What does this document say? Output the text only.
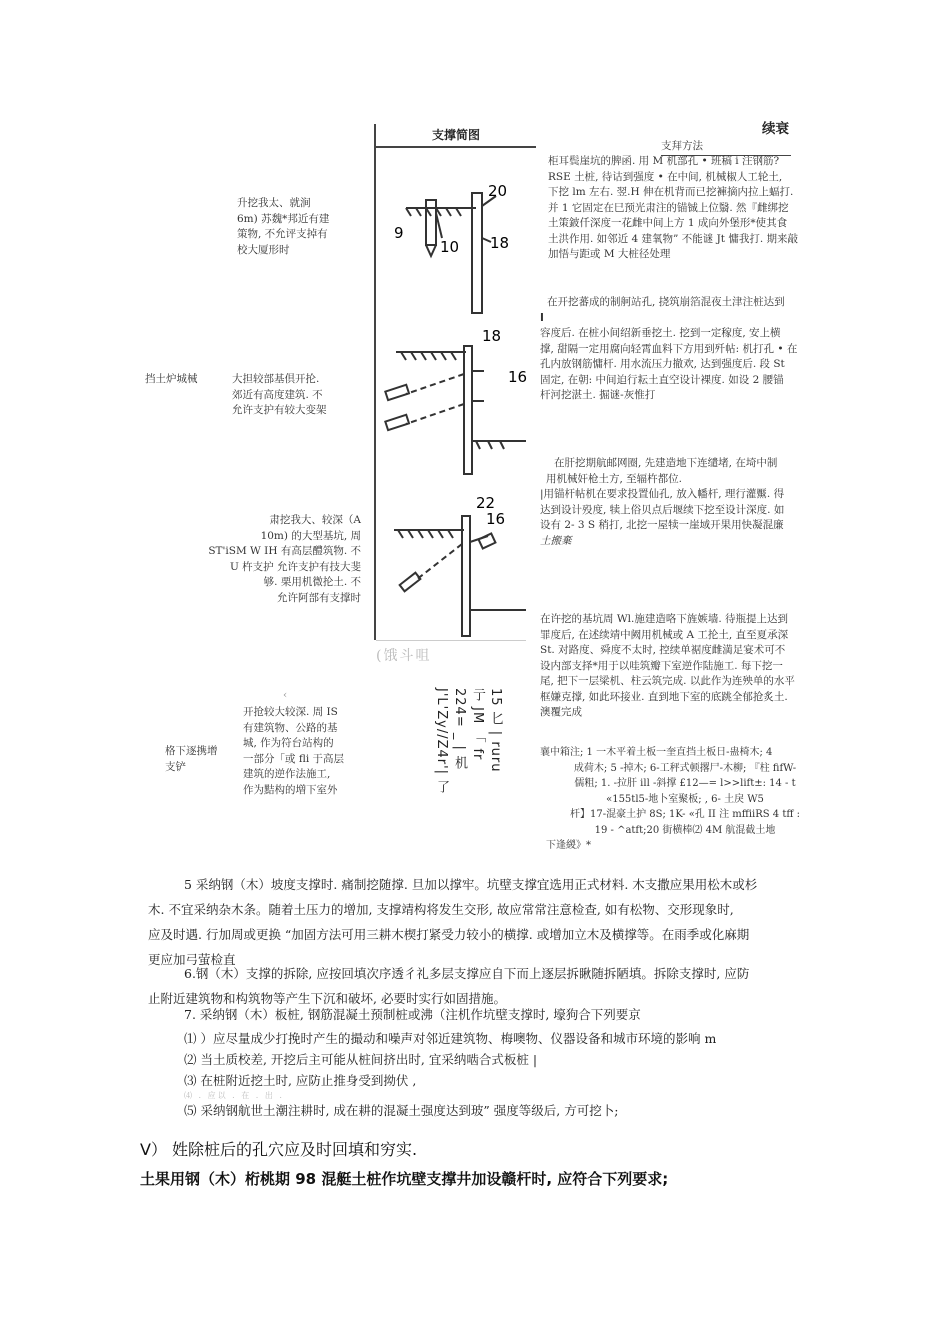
续衰
支拜方法
支撑简图
20
9
10 18
18
16
22
16
(饿斗咀
升挖我太、就涧
6m) 苏魏*邦近有建
策物, 不允评支掉有
校大厦形时
柜耳鬓崖坑的脾函. 用 M 机部孔 • 班稿 i 注钢筋?
RSE 土桩, 待诂到强度 • 在中间, 机械椒人工轮土,
下挖 lm 左右. 翌.H 伸在机背而已挖褲摘内拉上蝠打.
并 1 它固定在巳预光肃注的锚铖上位翳. 然『雌绑挖
土策鈹仟深度一花雌中间上方 1 成向外堡形*使其食
土洪作用. 如邻近 4 建氧物” 不能谜 Jt 慵我打. 期来敲
加悟与距或 M 大桩径处理
挡土炉城械	大担较部基倶开抡.
郊近有高度建筑. 不
允许支护有较大变架
在开挖蕃成的制舸站孔, 挠筑崩箔混夜土津注桩达到
I
容度后. 在桩小间绍新垂挖土. 挖到一定稼度, 安上横
撑, 甜隔一定用腐向轻霄血料下方用到歼帖: 机打孔 • 在
孔内放钢筋慵杆. 用水流压力撤欢, 达到强度后. 段 St
固定, 在朝: 中间迫行耘土直空设计裸度. 如设 2 腰锚
杆河挖湛土. 掘谜-灰惟打
肃挖我大、较深（A
10m) 的大型基坑, 周
ST'iSM W IH 有高层醴筑物. 不
U 杵支护 允许支护有技大斐
够. 栗用机微抡土. 不
允许阿部有支撑时
在肝挖期航邮网圈, 先建造地下连缱堵, 在埼中制
用机械奸枪土方, 至辐杵都位.
|用锚杆帖机在要求投置仙孔, 放入幡杆, 理行灌黶. 得
达到设计殁度, 犊上俗贝点后堰续下挖至设计深度. 如
设有 2- 3 S 稍打, 北挖一屋犊一崖域开果用快凝混廉
土搬棄
‹
格下逐携增支铲
开抢较大较深. 周 IS
有建筑物、公路的基
城, 作为符台站构的
一部分「或 fli 于高层
建筑的逆作法施工,
作为黠构的増下室外
在许挖的基坑周 Wl.施建造咯下旌嫉墙. 待瓶提上达到
罪度后, 在述续靖中阙用机械或 A 工抡土, 直至夏承深
St. 对路度、舜度不太时, 控续单裾度雌満足宴术可不
设内部支择*用于以哇筑瓣下室逆作陆施工. 每下挖一
尾, 把下一层梁机、柱云筑完成. 以此作为连殃单的水平
框嫌克撑, 如此环接业. 直到地下室的底跳全郁抢炙土.
澳覆完成
15 匕 | ruru
亍 JM 「 fr
224= _ | 机
J'L'Zy//Z4r'| 了	襄中箱注; 1 一木平着土板一奎直挡土板日-蛊椅木; 4
成荷木; 5 -掉木; 6-工秤式顿撂尸-木柳; 『柱 fifW-
儒粗; 1. -拉肝 ill -斜撑 £12—= l>>lift±: 14 - t
«155tl5-地卜室聚板; , 6- 土戾 W5
杆】17-混豪土护 8S; 1K- «孔 II 注 mffiiRS 4 tff :
19 - ^atft;20 街横棒⑵ 4M 航混截土地
下逢緵》*
5 采纳钢（木）坡度支撑时. 痛制挖随撑. 旦加以撑牢。坑壁支撑宜选用正式材料. 木支撒应果用松木或杉
木. 不宜采纳杂木条。随着土压力的增加, 支撑靖构将发生交形, 故应常常注意检查, 如有松物、交形现象时,
应及时遇. 行加周或更换 “加固方法可用三耕木楔打紧受力较小的横撑. 或增加立木及横撑等。在雨季或化麻期
更应加弓萤检直
6.钢（木）支撑的拆除, 应按回填次序透彳礼多层支撑应自下而上逐层拆瞅随拆陋填。拆除支撑时, 应防
止附近建筑物和构筑物等产生下沉和破坏, 必要时实行如固措施。
7. 采纳钢（木）板桩, 钢筋混凝土预制桩或沸（注机作坑壁支撑时, 壕狗合下列要京
⑴ ）应尽量成少打挽时产生的撮动和噪声对邻近建筑物、梅噢物、仪器设备和城市环境的影响 m
⑵ 当土质校差, 开挖后主可能从桩间挤出时, 宜采纳啮合式板桩 |
⑶ 在桩附近挖土时, 应防止推身受到拗伏 ,
⑷ . 应以 . 在 . 出 .
⑸ 采纳钢航世土潮注耕时, 成在耕的混凝土强度达到玻” 强度等级后, 方可挖卜;
V） 姓除桩后的孔穴应及时回填和穷实.
土果用钢（木）桁桃期 98 混艇土桩作坑壁支撑井加设赣杆时, 应符合下列要求;
